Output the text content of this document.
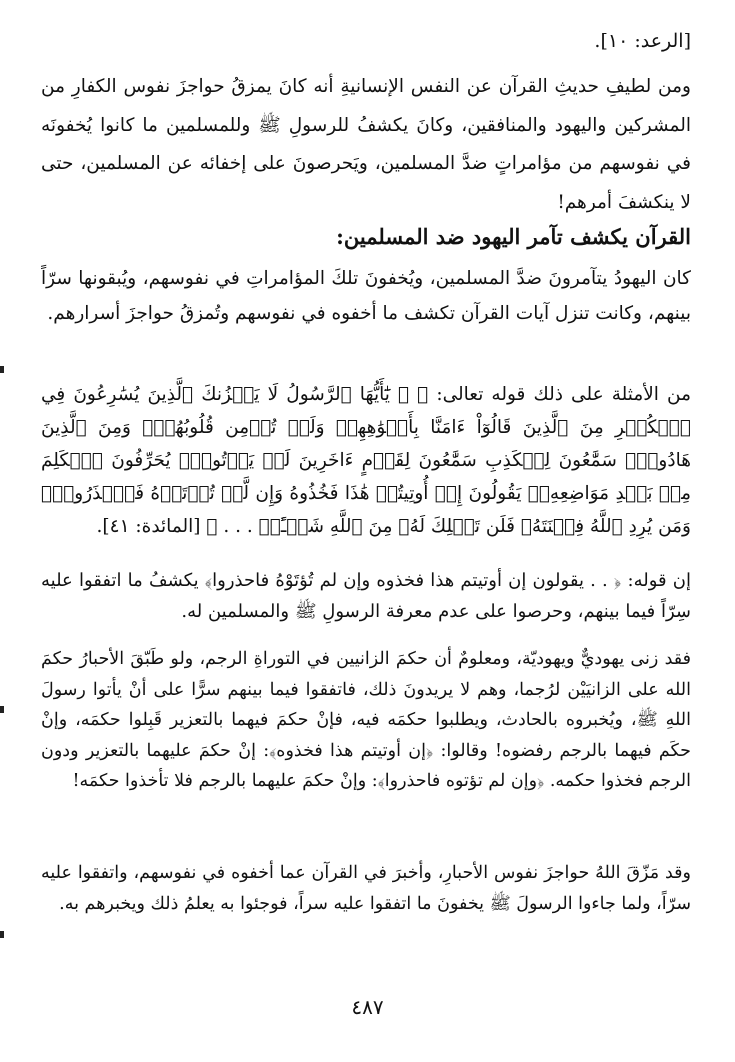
[الرعد: ١٠].

ومن لطيفِ حديثِ القرآن عن النفس الإنسانيةِ أنه كانَ يمزقُ حواجزَ نفوس الكفارِ من المشركين واليهود والمنافقين، وكانَ يكشفُ للرسولِ ﷺ وللمسلمين ما كانوا يُخفونَه في نفوسهم من مؤامراتٍ ضدَّ المسلمين، ويَحرصونَ على إخفائه عن المسلمين، حتى لا ينكشفَ أمرهم!

القرآن يكشف تآمر اليهود ضد المسلمين:

كان اليهودُ يتآمرونَ ضدَّ المسلمين، ويُخفونَ تلكَ المؤامراتِ في نفوسهم، ويُبقونها سرّاً بينهم، وكانت تنزل آيات القرآن تكشف ما أخفوه في نفوسهم وتُمزقُ حواجزَ أسرارهم.

من الأمثلة على ذلك قوله تعالى: ﴿ ۞ يَٰٓأَيُّهَا ٱلرَّسُولُ لَا يَحۡزُنكَ ٱلَّذِينَ يُسَٰرِعُونَ فِي ٱلۡكُفۡرِ مِنَ ٱلَّذِينَ قَالُوٓاْ ءَامَنَّا بِأَفۡوَٰهِهِمۡ وَلَمۡ تُؤۡمِن قُلُوبُهُمۡۛ وَمِنَ ٱلَّذِينَ هَادُواْۛ سَمَّٰعُونَ لِلۡكَذِبِ سَمَّٰعُونَ لِقَوۡمٍ ءَاخَرِينَ لَمۡ يَأۡتُوكَۖ يُحَرِّفُونَ ٱلۡكَلِمَ مِنۢ بَعۡدِ مَوَاضِعِهِۦۖ يَقُولُونَ إِنۡ أُوتِيتُمۡ هَٰذَا فَخُذُوهُ وَإِن لَّمۡ تُؤۡتَوۡهُ فَٱحۡذَرُواْۚ وَمَن يُرِدِ ٱللَّهُ فِتۡنَتَهُۥ فَلَن تَمۡلِكَ لَهُۥ مِنَ ٱللَّهِ شَيۡـًٔاۚ . . . ﴾ [المائدة: ٤١].

إن قوله: ﴿ . . يقولون إن أوتيتم هذا فخذوه وإن لم تُؤتَوْهُ فاحذروا﴾ يكشفُ ما اتفقوا عليه سِرّاً فيما بينهم، وحرصوا على عدم معرفة الرسولِ ﷺ والمسلمين له.

فقد زنى يهوديٌّ ويهوديّة، ومعلومٌ أن حكمَ الزانيين في التوراةِ الرجم، ولو طَبّقَ الأحبارُ حكمَ الله على الزانيَيْن لرُجما، وهم لا يريدونَ ذلك، فاتفقوا فيما بينهم سرًّا على أنْ يأتوا رسولَ اللهِ ﷺ، ويُخبروه بالحادث، ويطلبوا حكمَه فيه، فإنْ حكمَ فيهما بالتعزير قَبِلوا حكمَه، وإنْ حكَم فيهما بالرجم رفضوه! وقالوا: ﴿إن أوتيتم هذا فخذوه﴾: إنْ حكمَ عليهما بالتعزير ودون الرجم فخذوا حكمه. ﴿وإن لم تؤتوه فاحذروا﴾: وإنْ حكمَ عليهما بالرجم فلا تأخذوا حكمَه!

وقد مَزّقَ اللهُ حواجزَ نفوس الأحبارِ، وأخبرَ في القرآن عما أخفوه في نفوسهم، واتفقوا عليه سرّاً، ولما جاءوا الرسولَ ﷺ يخفونَ ما اتفقوا عليه سراً، فوجئوا به يعلمُ ذلك ويخبرهم به.

٤٨٧
